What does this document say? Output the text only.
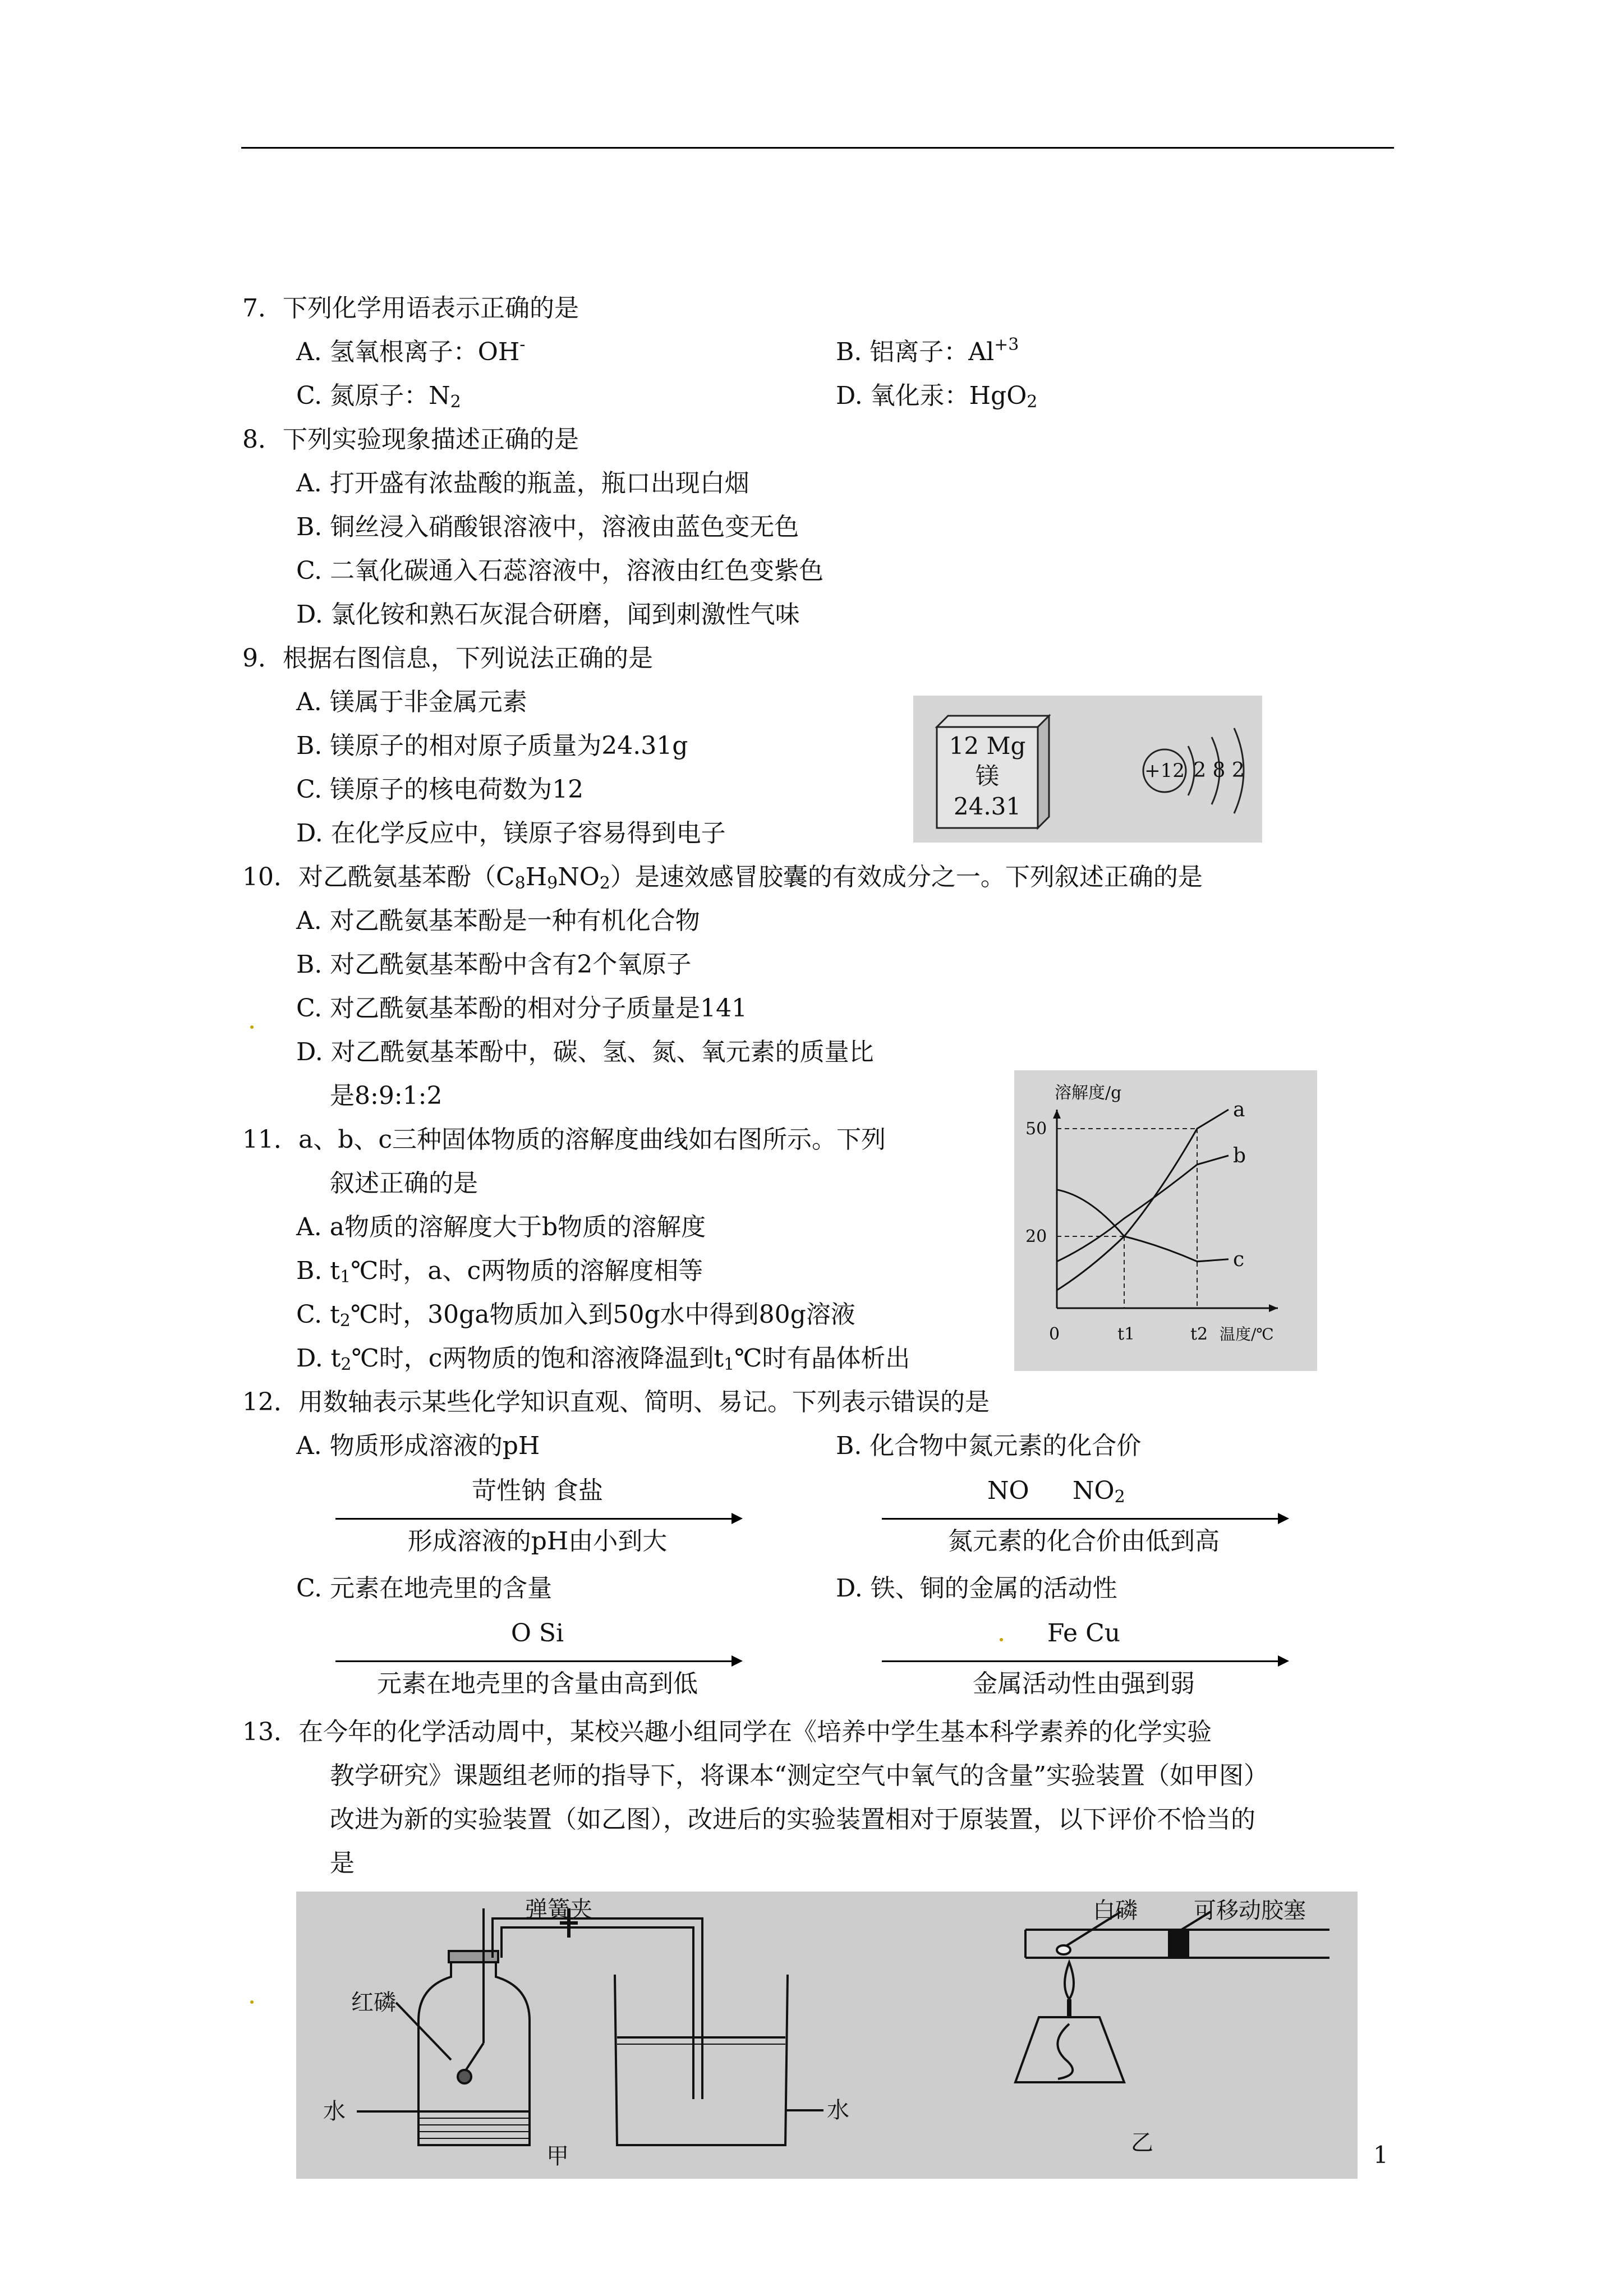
7．下列化学用语表示正确的是
A. 氢氧根离子：OH-	B. 铝离子：$Al^{+3}$
C. 氮原子：$N_2$	D. 氧化汞：HgO$_2$
8．下列实验现象描述正确的是
A. 打开盛有浓盐酸的瓶盖，瓶口出现白烟
B. 铜丝浸入硝酸银溶液中，溶液由蓝色变无色
C. 二氧化碳通入石蕊溶液中，溶液由红色变紫色
D. 氯化铵和熟石灰混合研磨，闻到刺激性气味
9．根据右图信息，下列说法正确的是
A. 镁属于非金属元素
B. 镁原子的相对原子质量为24.31g
C. 镁原子的核电荷数为12
D. 在化学反应中，镁原子容易得到电子
12 Mg
镁
24.31
+12 2 8 2
10．对乙酰氨基苯酚$(C_8H_9NO_2)$是速效感冒胶囊的有效成分之一。下列叙述正确的是
A. 对乙酰氨基苯酚是一种有机化合物
B. 对乙酰氨基苯酚中含有2个氧原子
C. 对乙酰氨基苯酚的相对分子质量是141
D. 对乙酰氨基苯酚中，碳、氢、氮、氧元素的质量比
是8:9:1:2
11．a、b、c三种固体物质的溶解度曲线如右图所示。下列
叙述正确的是
A. a物质的溶解度大于b物质的溶解度
B. $t_1℃$时，a、c两物质的溶解度相等
C. $t_2℃$时，30ga物质加入到50g水中得到80g溶液
D. $t_2℃$时，c两物质的饱和溶液降温到$t_1℃$时有晶体析出
a
b
c
溶解度/g
50
20
0	t1	t2 温度/℃
12．用数轴表示某些化学知识直观、简明、易记。下列表示错误的是
A. 物质形成溶液的pH	B. 化合物中氮元素的化合价
苛性钠 食盐
形成溶液的pH由小到大
NO $NO_2$
氮元素的化合价由低到高
C. 元素在地壳里的含量	D. 铁、铜的金属的活动性
O Si
元素在地壳里的含量由高到低
Fe Cu
金属活动性由强到弱
13．在今年的化学活动周中，某校兴趣小组同学在《培养中学生基本科学素养的化学实验
教学研究》课题组老师的指导下，将课本“测定空气中氧气的含量”实验装置（如甲图）
改进为新的实验装置（如乙图），改进后的实验装置相对于原装置，以下评价不恰当的
是
弹簧夹
红磷
水	水
甲
白磷	可移动胶塞
乙	1
